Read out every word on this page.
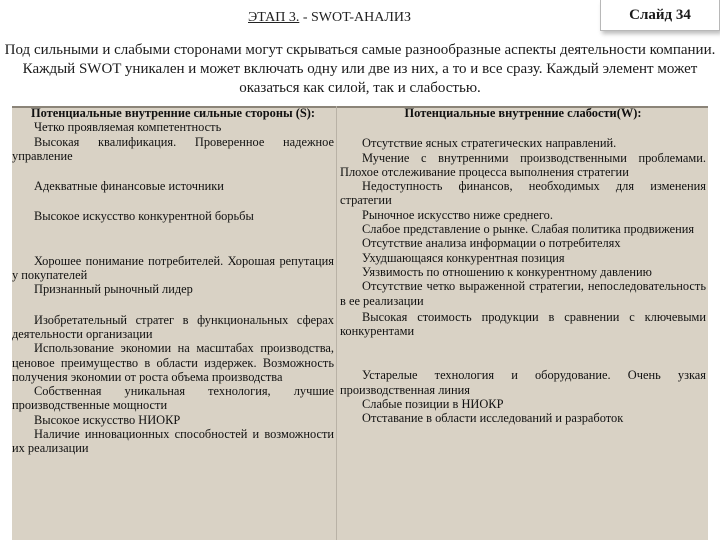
ЭТАП 3. - SWOT-АНАЛИЗ	Слайд 34
Под сильными и слабыми сторонами могут скрываться самые разнообразные аспекты деятельности компании. Каждый SWOT уникален и может включать одну или две из них, а то и все сразу. Каждый элемент может оказаться как силой, так и слабостью.
Потенциальные внутренние сильные стороны (S):

Четко проявляемая компетентность

Высокая квалификация. Проверенное надежное управление

Адекватные финансовые источники

Высокое искусство конкурентной борьбы

Хорошее понимание потребителей. Хорошая репутация у покупателей

Признанный рыночный лидер

Изобретательный стратег в функциональных сферах деятельности организации

Использование экономии на масштабах производства, ценовое преимущество в области издержек. Возможность получения экономии от роста объема производства

Собственная уникальная технология, лучшие производственные мощности

Высокое искусство НИОКР

Наличие инновационных способностей и возможности их реализации

Потенциальные внутренние слабости(W):

Отсутствие ясных стратегических направлений.

Мучение с внутренними производственными проблемами. Плохое отслеживание процесса выполнения стратегии

Недоступность финансов, необходимых для изменения стратегии

Рыночное искусство ниже среднего.

Слабое представление о рынке. Слабая политика продвижения

Отсутствие анализа информации о потребителях

Ухудшающаяся конкурентная позиция

Уязвимость по отношению к конкурентному давлению

Отсутствие четко выраженной стратегии, непоследовательность в ее реализации

Высокая стоимость продукции в сравнении с ключевыми конкурентами

Устарелые технология и оборудование. Очень узкая производственная линия

Слабые позиции в НИОКР

Отставание в области исследований и разработок
